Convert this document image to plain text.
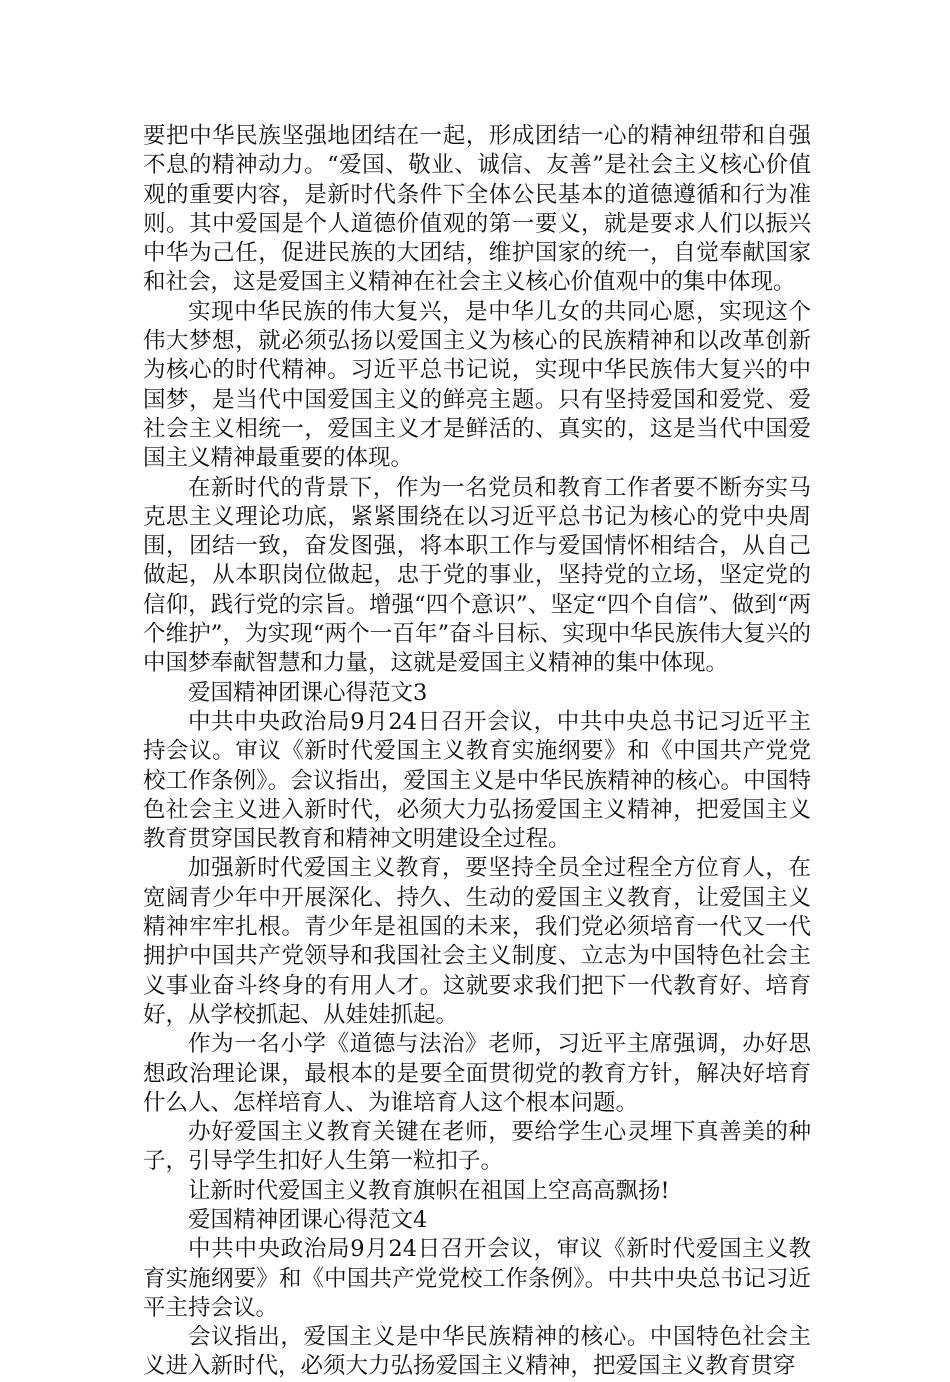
要把中华民族坚强地团结在一起，形成团结一心的精神纽带和自强不息的精神动力。“爱国、敬业、诚信、友善”是社会主义核心价值观的重要内容，是新时代条件下全体公民基本的道德遵循和行为准则。其中爱国是个人道德价值观的第一要义，就是要求人们以振兴中华为己任，促进民族的大团结，维护国家的统一，自觉奉献国家和社会，这是爱国主义精神在社会主义核心价值观中的集中体现。

实现中华民族的伟大复兴，是中华儿女的共同心愿，实现这个伟大梦想，就必须弘扬以爱国主义为核心的民族精神和以改革创新为核心的时代精神。习近平总书记说，实现中华民族伟大复兴的中国梦，是当代中国爱国主义的鲜亮主题。只有坚持爱国和爱党、爱社会主义相统一，爱国主义才是鲜活的、真实的，这是当代中国爱国主义精神最重要的体现。

在新时代的背景下，作为一名党员和教育工作者要不断夯实马克思主义理论功底，紧紧围绕在以习近平总书记为核心的党中央周围，团结一致，奋发图强，将本职工作与爱国情怀相结合，从自己做起，从本职岗位做起，忠于党的事业，坚持党的立场，坚定党的信仰，践行党的宗旨。增强“四个意识”、坚定“四个自信”、做到“两个维护”，为实现“两个一百年”奋斗目标、实现中华民族伟大复兴的中国梦奉献智慧和力量，这就是爱国主义精神的集中体现。

爱国精神团课心得范文3

中共中央政治局9月24日召开会议，中共中央总书记习近平主持会议。审议《新时代爱国主义教育实施纲要》和《中国共产党党校工作条例》。会议指出，爱国主义是中华民族精神的核心。中国特色社会主义进入新时代，必须大力弘扬爱国主义精神，把爱国主义教育贯穿国民教育和精神文明建设全过程。

加强新时代爱国主义教育，要坚持全员全过程全方位育人，在宽阔青少年中开展深化、持久、生动的爱国主义教育，让爱国主义精神牢牢扎根。青少年是祖国的未来，我们党必须培育一代又一代拥护中国共产党领导和我国社会主义制度、立志为中国特色社会主义事业奋斗终身的有用人才。这就要求我们把下一代教育好、培育好，从学校抓起、从娃娃抓起。

作为一名小学《道德与法治》老师，习近平主席强调，办好思想政治理论课，最根本的是要全面贯彻党的教育方针，解决好培育什么人、怎样培育人、为谁培育人这个根本问题。

办好爱国主义教育关键在老师，要给学生心灵埋下真善美的种子，引导学生扣好人生第一粒扣子。

让新时代爱国主义教育旗帜在祖国上空高高飘扬!

爱国精神团课心得范文4

中共中央政治局9月24日召开会议，审议《新时代爱国主义教育实施纲要》和《中国共产党党校工作条例》。中共中央总书记习近平主持会议。

会议指出，爱国主义是中华民族精神的核心。中国特色社会主义进入新时代，必须大力弘扬爱国主义精神，把爱国主义教育贯穿
